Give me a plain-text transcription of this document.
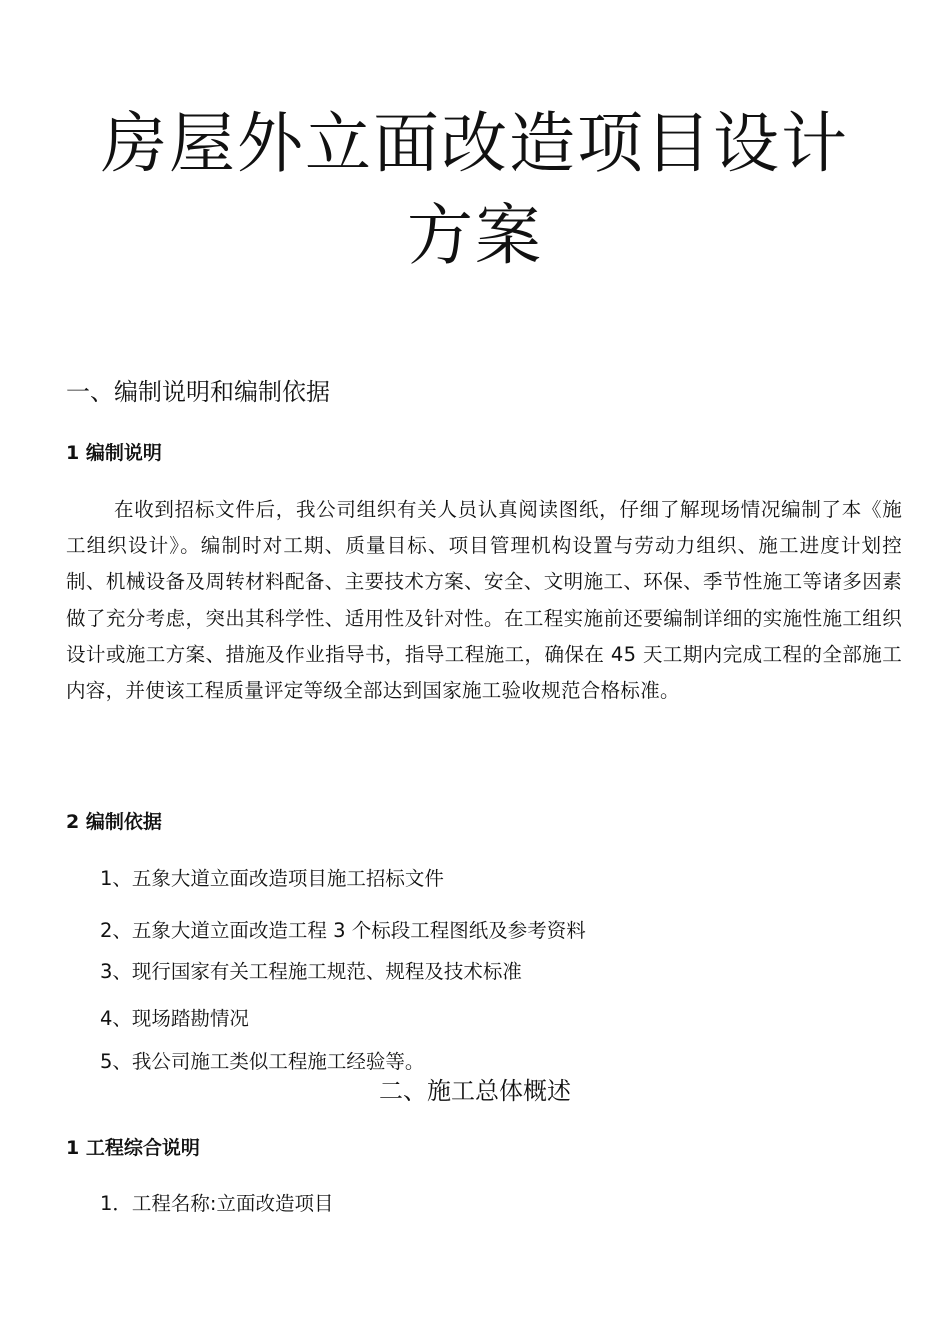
房屋外立面改造项目设计
方案
一、编制说明和编制依据
1 编制说明

在收到招标文件后，我公司组织有关人员认真阅读图纸，仔细了解现场情况编制了本《施工组织设计》。编制时对工期、质量目标、项目管理机构设置与劳动力组织、施工进度计划控制、机械设备及周转材料配备、主要技术方案、安全、文明施工、环保、季节性施工等诸多因素做了充分考虑，突出其科学性、适用性及针对性。在工程实施前还要编制详细的实施性施工组织设计或施工方案、措施及作业指导书，指导工程施工，确保在 45 天工期内完成工程的全部施工内容，并使该工程质量评定等级全部达到国家施工验收规范合格标准。

2 编制依据

1、五象大道立面改造项目施工招标文件

2、五象大道立面改造工程 3 个标段工程图纸及参考资料

3、现行国家有关工程施工规范、规程及技术标准

4、现场踏勘情况

5、我公司施工类似工程施工经验等。

二、施工总体概述
1 工程综合说明

1．工程名称:立面改造项目
